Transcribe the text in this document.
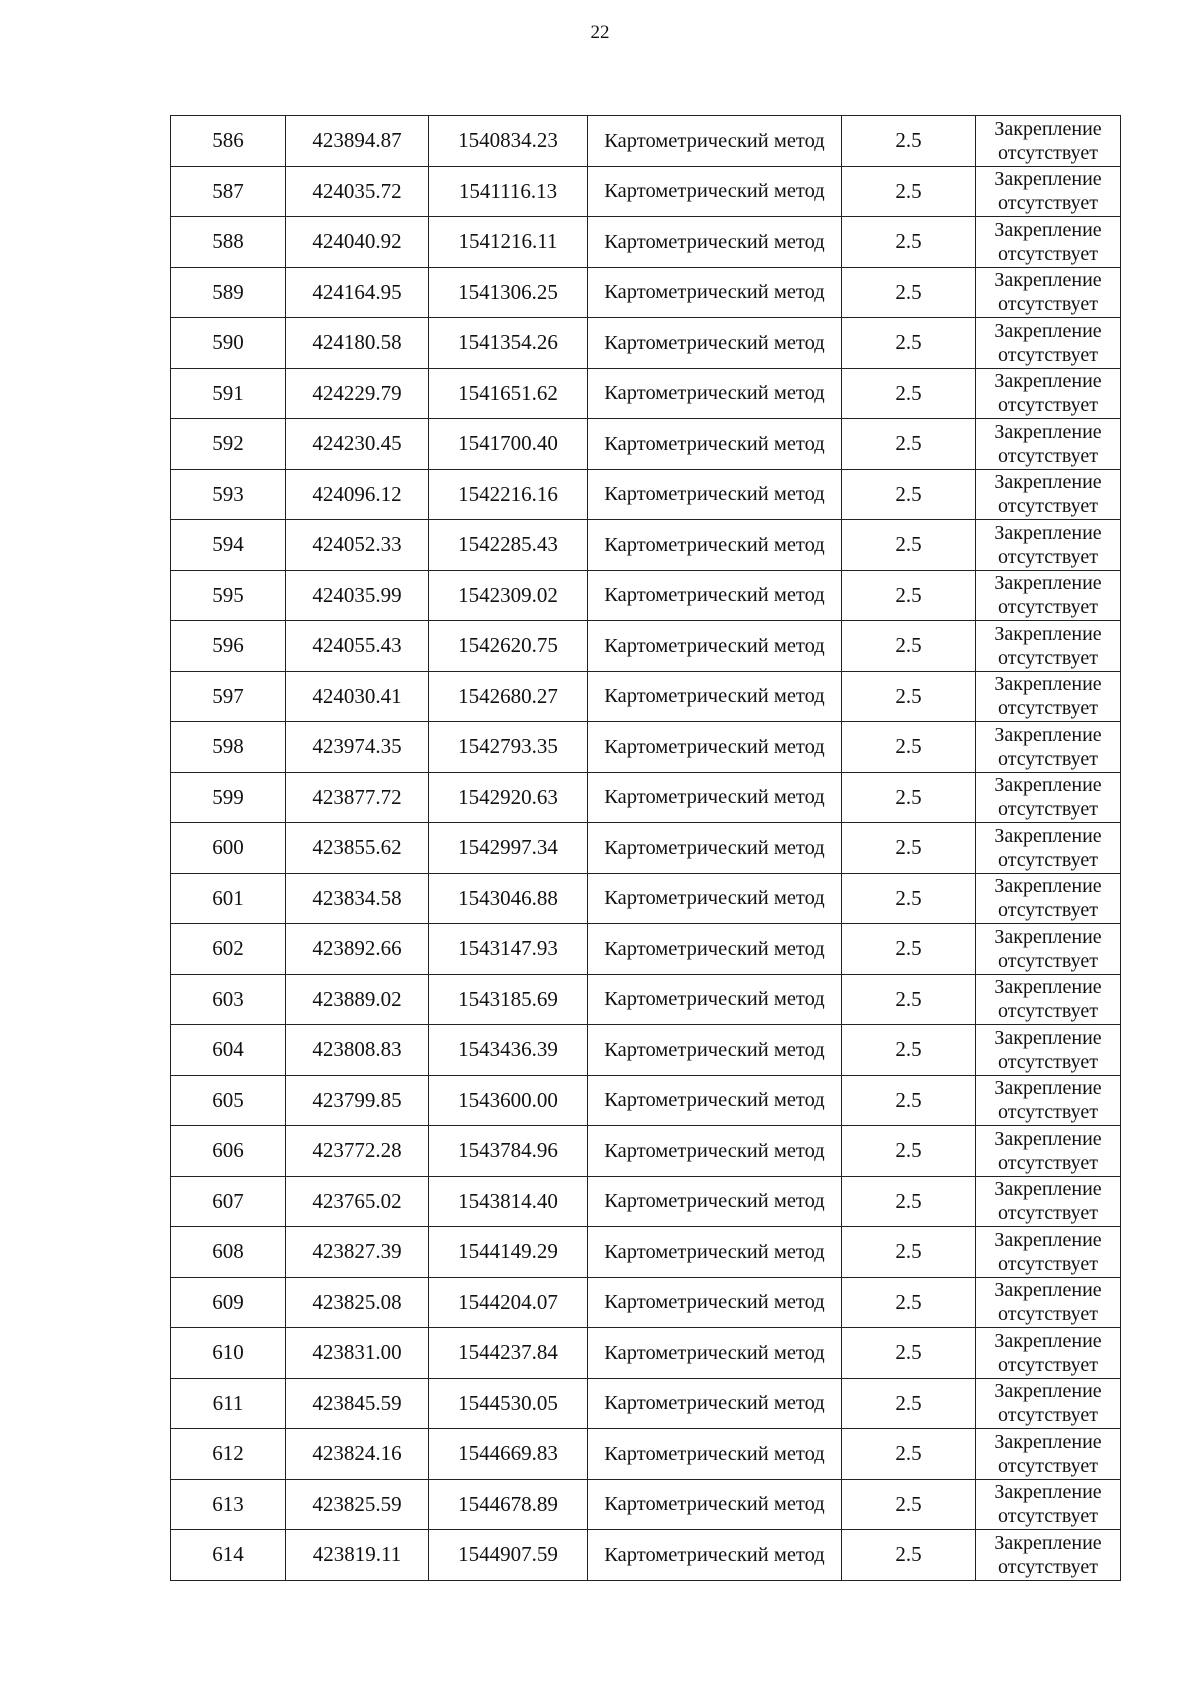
22
586	423894.87	1540834.23	Картометрический метод	2.5	Закрепление
отсутствует

587	424035.72	1541116.13	Картометрический метод	2.5	Закрепление
отсутствует

588	424040.92	1541216.11	Картометрический метод	2.5	Закрепление
отсутствует

589	424164.95	1541306.25	Картометрический метод	2.5	Закрепление
отсутствует

590	424180.58	1541354.26	Картометрический метод	2.5	Закрепление
отсутствует

591	424229.79	1541651.62	Картометрический метод	2.5	Закрепление
отсутствует

592	424230.45	1541700.40	Картометрический метод	2.5	Закрепление
отсутствует

593	424096.12	1542216.16	Картометрический метод	2.5	Закрепление
отсутствует

594	424052.33	1542285.43	Картометрический метод	2.5	Закрепление
отсутствует

595	424035.99	1542309.02	Картометрический метод	2.5	Закрепление
отсутствует

596	424055.43	1542620.75	Картометрический метод	2.5	Закрепление
отсутствует

597	424030.41	1542680.27	Картометрический метод	2.5	Закрепление
отсутствует

598	423974.35	1542793.35	Картометрический метод	2.5	Закрепление
отсутствует

599	423877.72	1542920.63	Картометрический метод	2.5	Закрепление
отсутствует

600	423855.62	1542997.34	Картометрический метод	2.5	Закрепление
отсутствует

601	423834.58	1543046.88	Картометрический метод	2.5	Закрепление
отсутствует

602	423892.66	1543147.93	Картометрический метод	2.5	Закрепление
отсутствует

603	423889.02	1543185.69	Картометрический метод	2.5	Закрепление
отсутствует

604	423808.83	1543436.39	Картометрический метод	2.5	Закрепление
отсутствует

605	423799.85	1543600.00	Картометрический метод	2.5	Закрепление
отсутствует

606	423772.28	1543784.96	Картометрический метод	2.5	Закрепление
отсутствует

607	423765.02	1543814.40	Картометрический метод	2.5	Закрепление
отсутствует

608	423827.39	1544149.29	Картометрический метод	2.5	Закрепление
отсутствует

609	423825.08	1544204.07	Картометрический метод	2.5	Закрепление
отсутствует

610	423831.00	1544237.84	Картометрический метод	2.5	Закрепление
отсутствует

611	423845.59	1544530.05	Картометрический метод	2.5	Закрепление
отсутствует

612	423824.16	1544669.83	Картометрический метод	2.5	Закрепление
отсутствует

613	423825.59	1544678.89	Картометрический метод	2.5	Закрепление
отсутствует

614	423819.11	1544907.59	Картометрический метод	2.5	Закрепление
отсутствует
